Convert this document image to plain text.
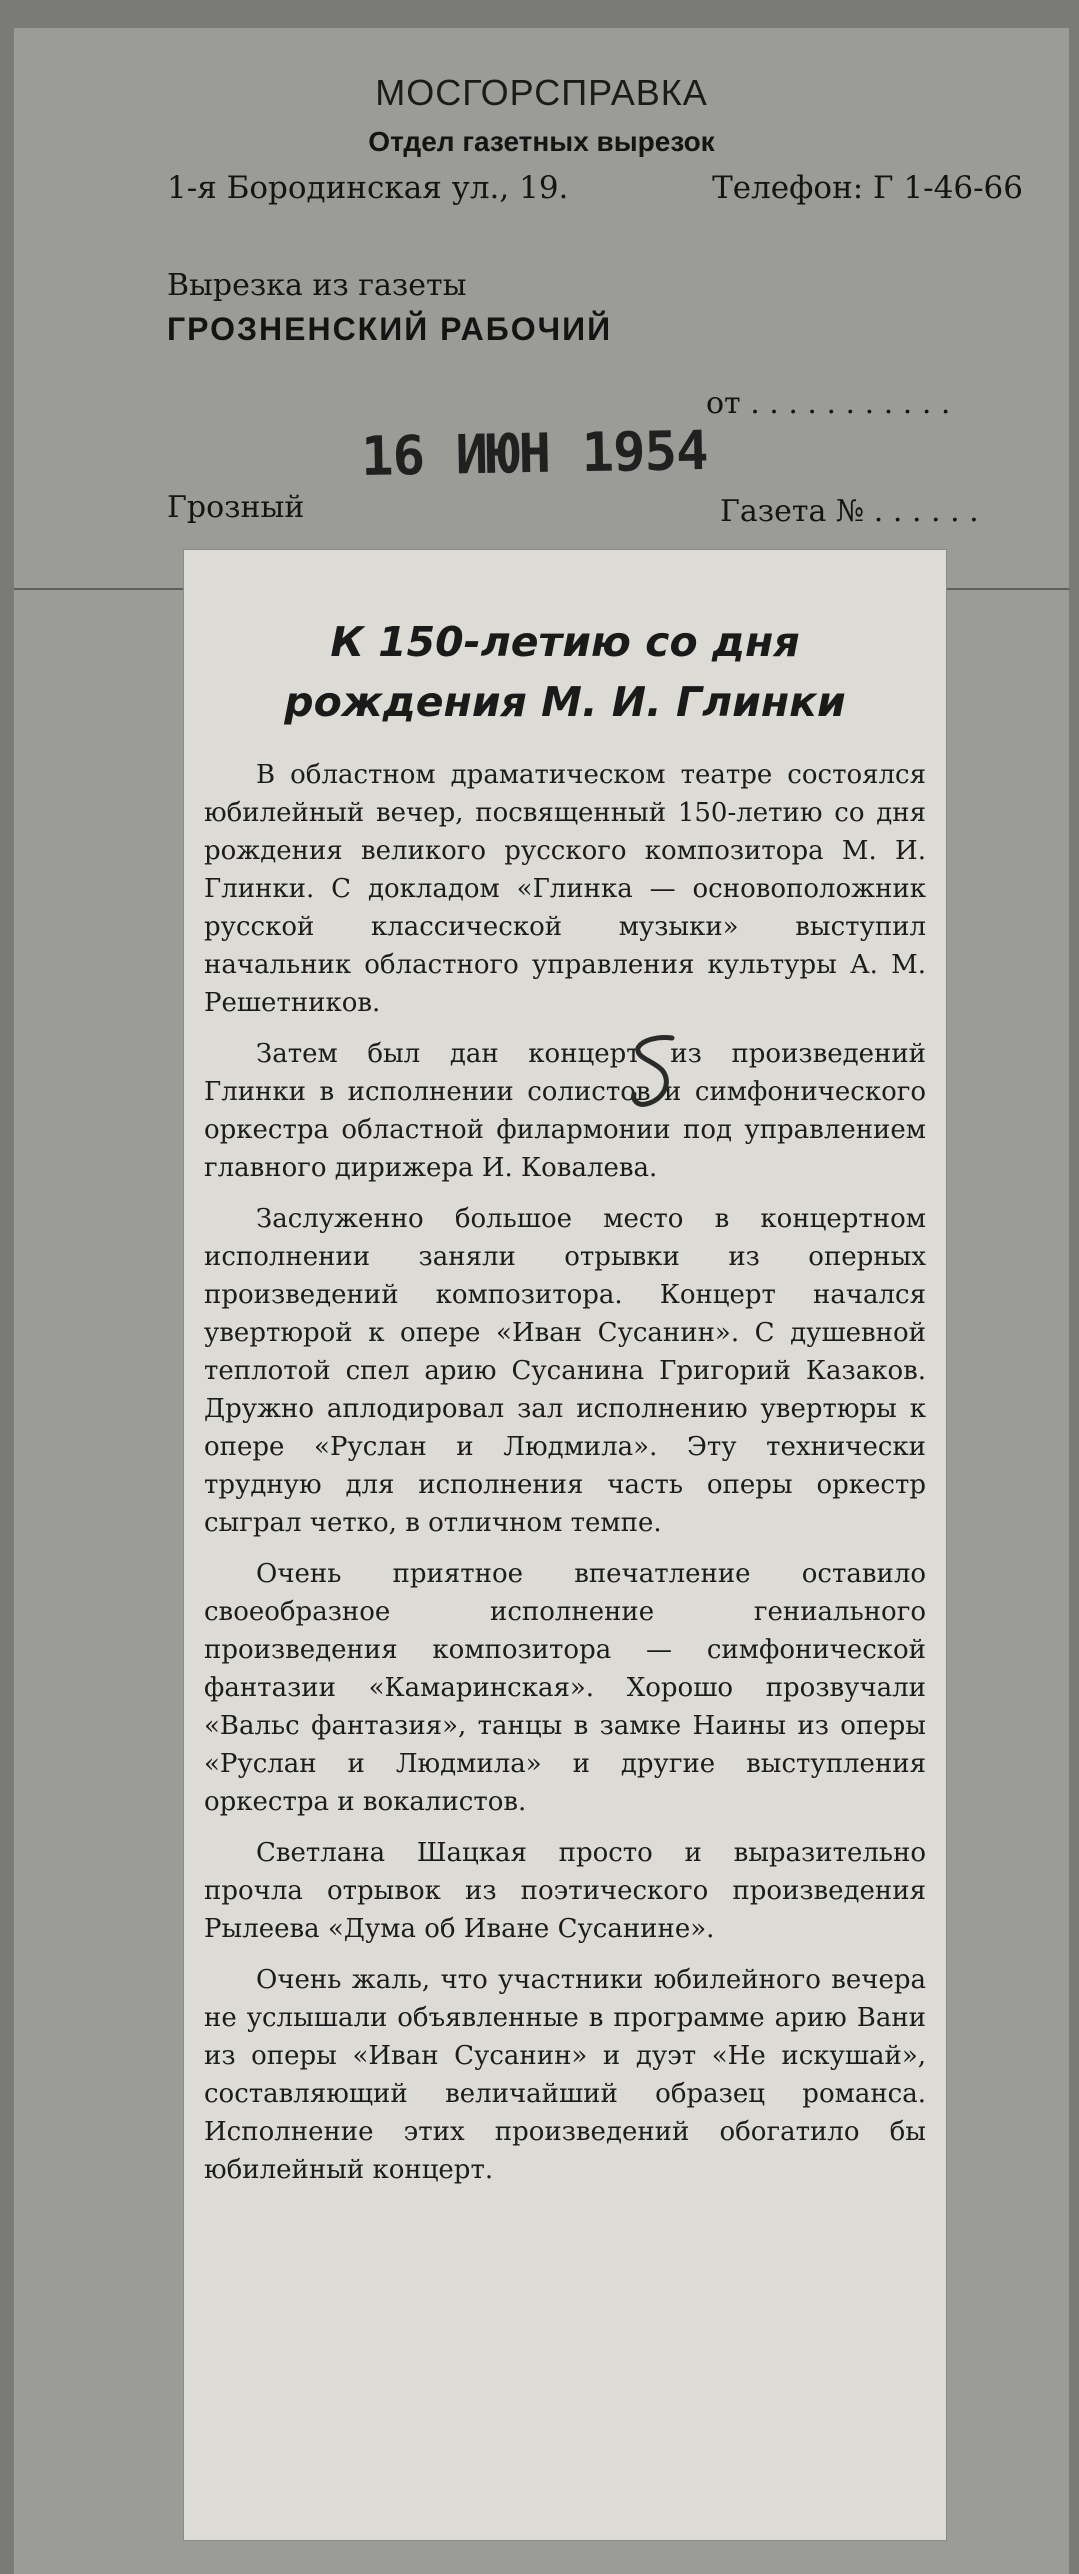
МОСГОРСПРАВКА
Отдел газетных вырезок
1-я Бородинская ул., 19.	Телефон: Г 1-46-66
Вырезка из газеты
ГРОЗНЕНСКИЙ РАБОЧИЙ
от . . . . . . . . . . .
16 ИЮН 1954
Грозный	Газета № . . . . . .
К 150-летию со дня
рождения М. И. Глинки

В областном драматическом театре состоялся юбилейный вечер, посвященный 150-летию со дня рождения великого русского композитора М. И. Глинки. С докладом «Глинка — основоположник русской классической музыки» выступил начальник областного управления культуры А. М. Решетников.

Затем был дан концерт из произведений Глинки в исполнении солистов и симфонического оркестра областной филармонии под управлением главного дирижера И. Ковалева.

Заслуженно большое место в концертном исполнении заняли отрывки из оперных произведений композитора. Концерт начался увертюрой к опере «Иван Сусанин». С душевной теплотой спел арию Сусанина Григорий Казаков. Дружно аплодировал зал исполнению увертюры к опере «Руслан и Людмила». Эту технически трудную для исполнения часть оперы оркестр сыграл четко, в отличном темпе.

Очень приятное впечатление оставило своеобразное исполнение гениального произведения композитора — симфонической фантазии «Камаринская». Хорошо прозвучали «Вальс фантазия», танцы в замке Наины из оперы «Руслан и Людмила» и другие выступления оркестра и вокалистов.

Светлана Шацкая просто и выразительно прочла отрывок из поэтического произведения Рылеева «Дума об Иване Сусанине».

Очень жаль, что участники юбилейного вечера не услышали объявленные в программе арию Вани из оперы «Иван Сусанин» и дуэт «Не искушай», составляющий величайший образец романса. Исполнение этих произведений обогатило бы юбилейный концерт.
